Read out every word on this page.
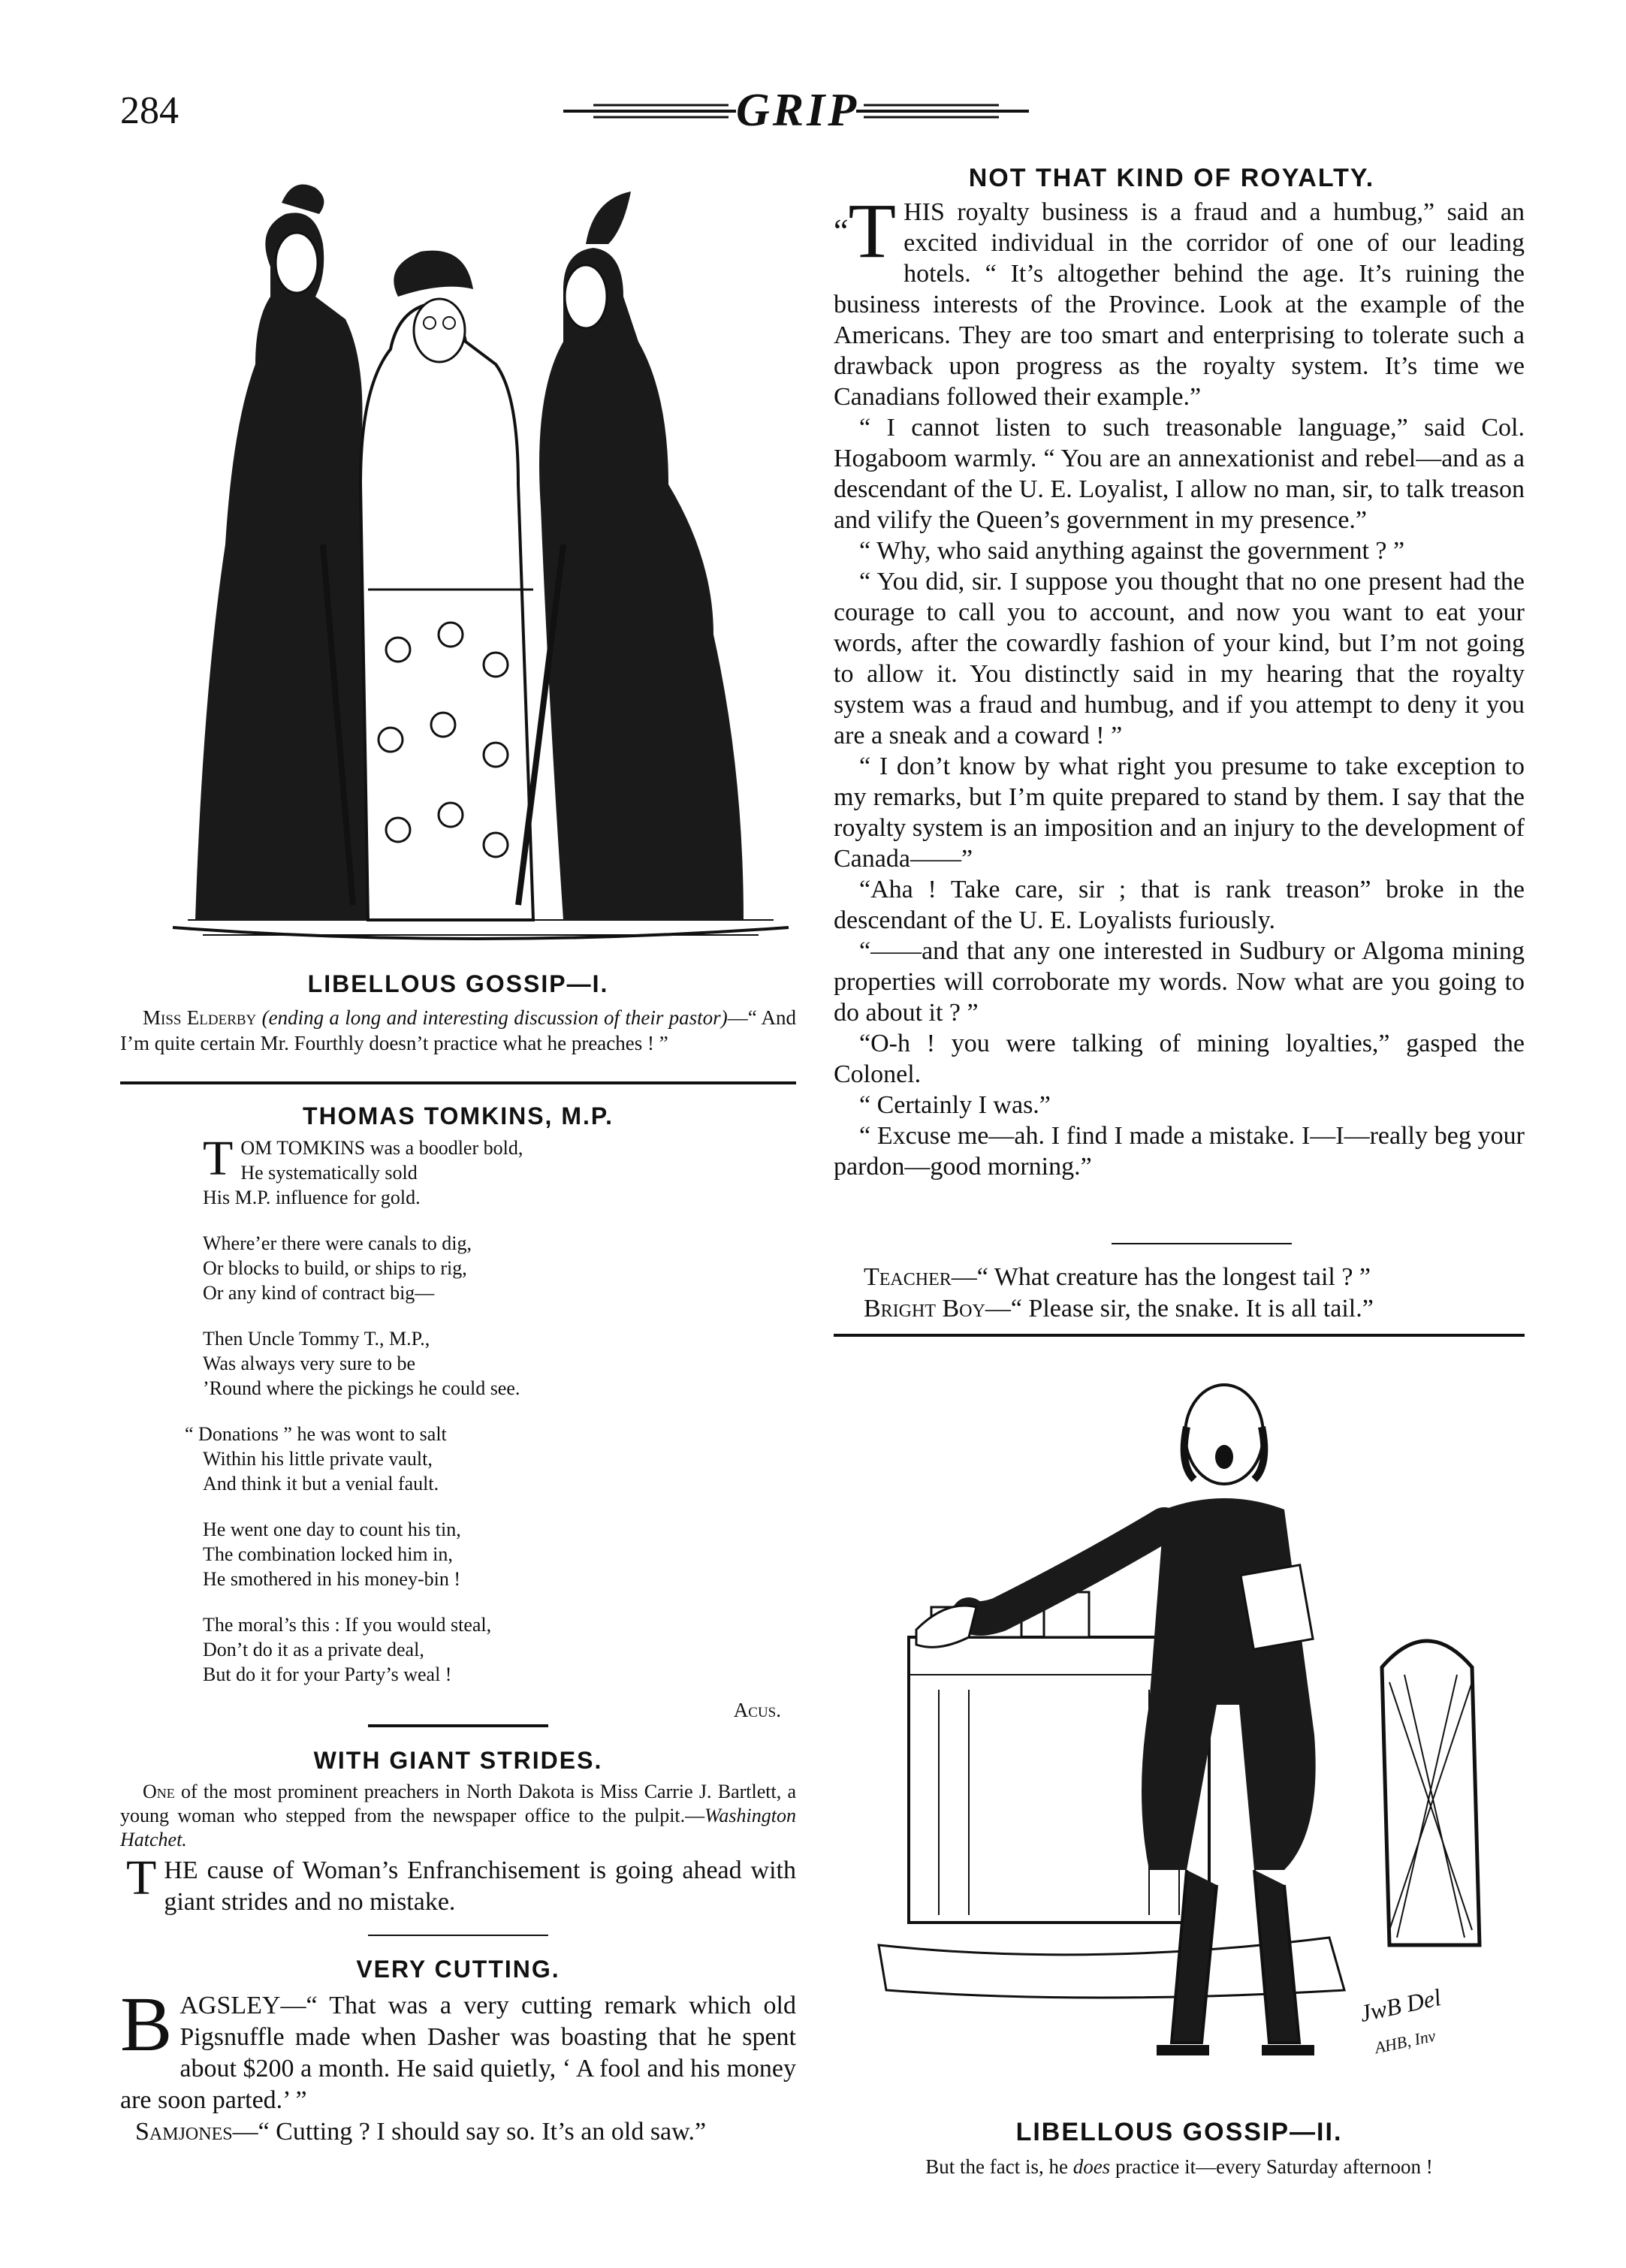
284	GRIP
LIBELLOUS GOSSIP—I.
Miss Elderby (ending a long and interesting discussion of their pastor)—“ And I’m quite certain Mr. Fourthly doesn’t practice what he preaches ! ”
THOMAS TOMKINS, M.P.
T OM TOMKINS was a boodler bold,
He systematically sold
His M.P. influence for gold.
Where’er there were canals to dig,
Or blocks to build, or ships to rig,
Or any kind of contract big—
Then Uncle Tommy T., M.P.,
Was always very sure to be
’Round where the pickings he could see.
“ Donations ” he was wont to salt
Within his little private vault,
And think it but a venial fault.
He went one day to count his tin,
The combination locked him in,
He smothered in his money-bin !
The moral’s this : If you would steal,
Don’t do it as a private deal,
But do it for your Party’s weal !
Acus.
WITH GIANT STRIDES.
One of the most prominent preachers in North Dakota is Miss Carrie J. Bartlett, a young woman who stepped from the newspaper office to the pulpit.—Washington Hatchet.
THE cause of Woman’s Enfranchisement is going ahead with giant strides and no mistake.
VERY CUTTING.
BAGSLEY—“ That was a very cutting remark which old Pigsnuffle made when Dasher was boasting that he spent about $200 a month. He said quietly, ‘ A fool and his money are soon parted.’ ”
Samjones—“ Cutting ? I should say so. It’s an old saw.”
NOT THAT KIND OF ROYALTY.

“T HIS royalty business is a fraud and a humbug,” said an excited individual in the corridor of one of our leading hotels. “ It’s altogether behind the age. It’s ruining the business interests of the Province. Look at the example of the Americans. They are too smart and enterprising to tolerate such a drawback upon progress as the royalty system. It’s time we Canadians followed their example.”

“ I cannot listen to such treasonable language,” said Col. Hogaboom warmly. “ You are an annexationist and rebel—and as a descendant of the U. E. Loyalist, I allow no man, sir, to talk treason and vilify the Queen’s government in my presence.”

“ Why, who said anything against the government ? ”

“ You did, sir. I suppose you thought that no one present had the courage to call you to account, and now you want to eat your words, after the cowardly fashion of your kind, but I’m not going to allow it. You distinctly said in my hearing that the royalty system was a fraud and humbug, and if you attempt to deny it you are a sneak and a coward ! ”

“ I don’t know by what right you presume to take exception to my remarks, but I’m quite prepared to stand by them. I say that the royalty system is an imposition and an injury to the development of Canada——”

“Aha ! Take care, sir ; that is rank treason” broke in the descendant of the U. E. Loyalists furiously.

“——and that any one interested in Sudbury or Algoma mining properties will corroborate my words. Now what are you going to do about it ? ”

“O-h ! you were talking of mining loyalties,” gasped the Colonel.

“ Certainly I was.”

“ Excuse me—ah. I find I made a mistake. I—I—really beg your pardon—good morning.”

Teacher—“ What creature has the longest tail ? ”
Bright Boy—“ Please sir, the snake. It is all tail.”
JwB Del
AHB, Inv
LIBELLOUS GOSSIP—II.
But the fact is, he does practice it—every Saturday afternoon !
